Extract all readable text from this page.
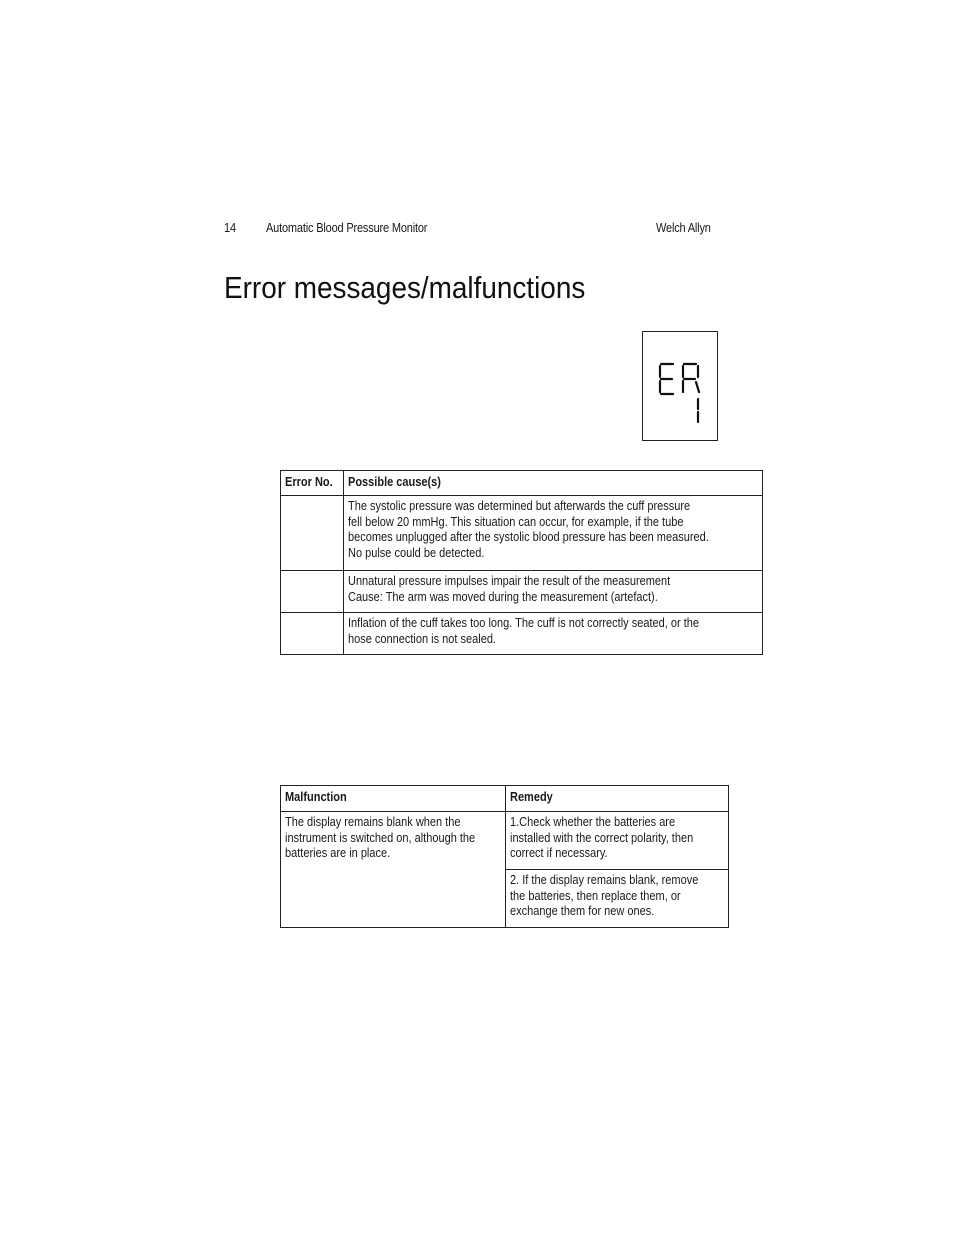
14 Automatic Blood Pressure Monitor	Welch Allyn
Error messages/malfunctions
Error No.	Possible cause(s)

	The systolic pressure was determined but afterwards the cuff pressure
fell below 20 mmHg. This situation can occur, for example, if the tube
becomes unplugged after the systolic blood pressure has been measured.
No pulse could be detected.

	Unnatural pressure impulses impair the result of the measurement
Cause: The arm was moved during the measurement (artefact).

	Inflation of the cuff takes too long. The cuff is not correctly seated, or the
hose connection is not sealed.
Malfunction	Remedy

The display remains blank when the
instrument is switched on, although the
batteries are in place.	1.Check whether the batteries are
installed with the correct polarity, then
correct if necessary.

	2. If the display remains blank, remove
the batteries, then replace them, or
exchange them for new ones.
